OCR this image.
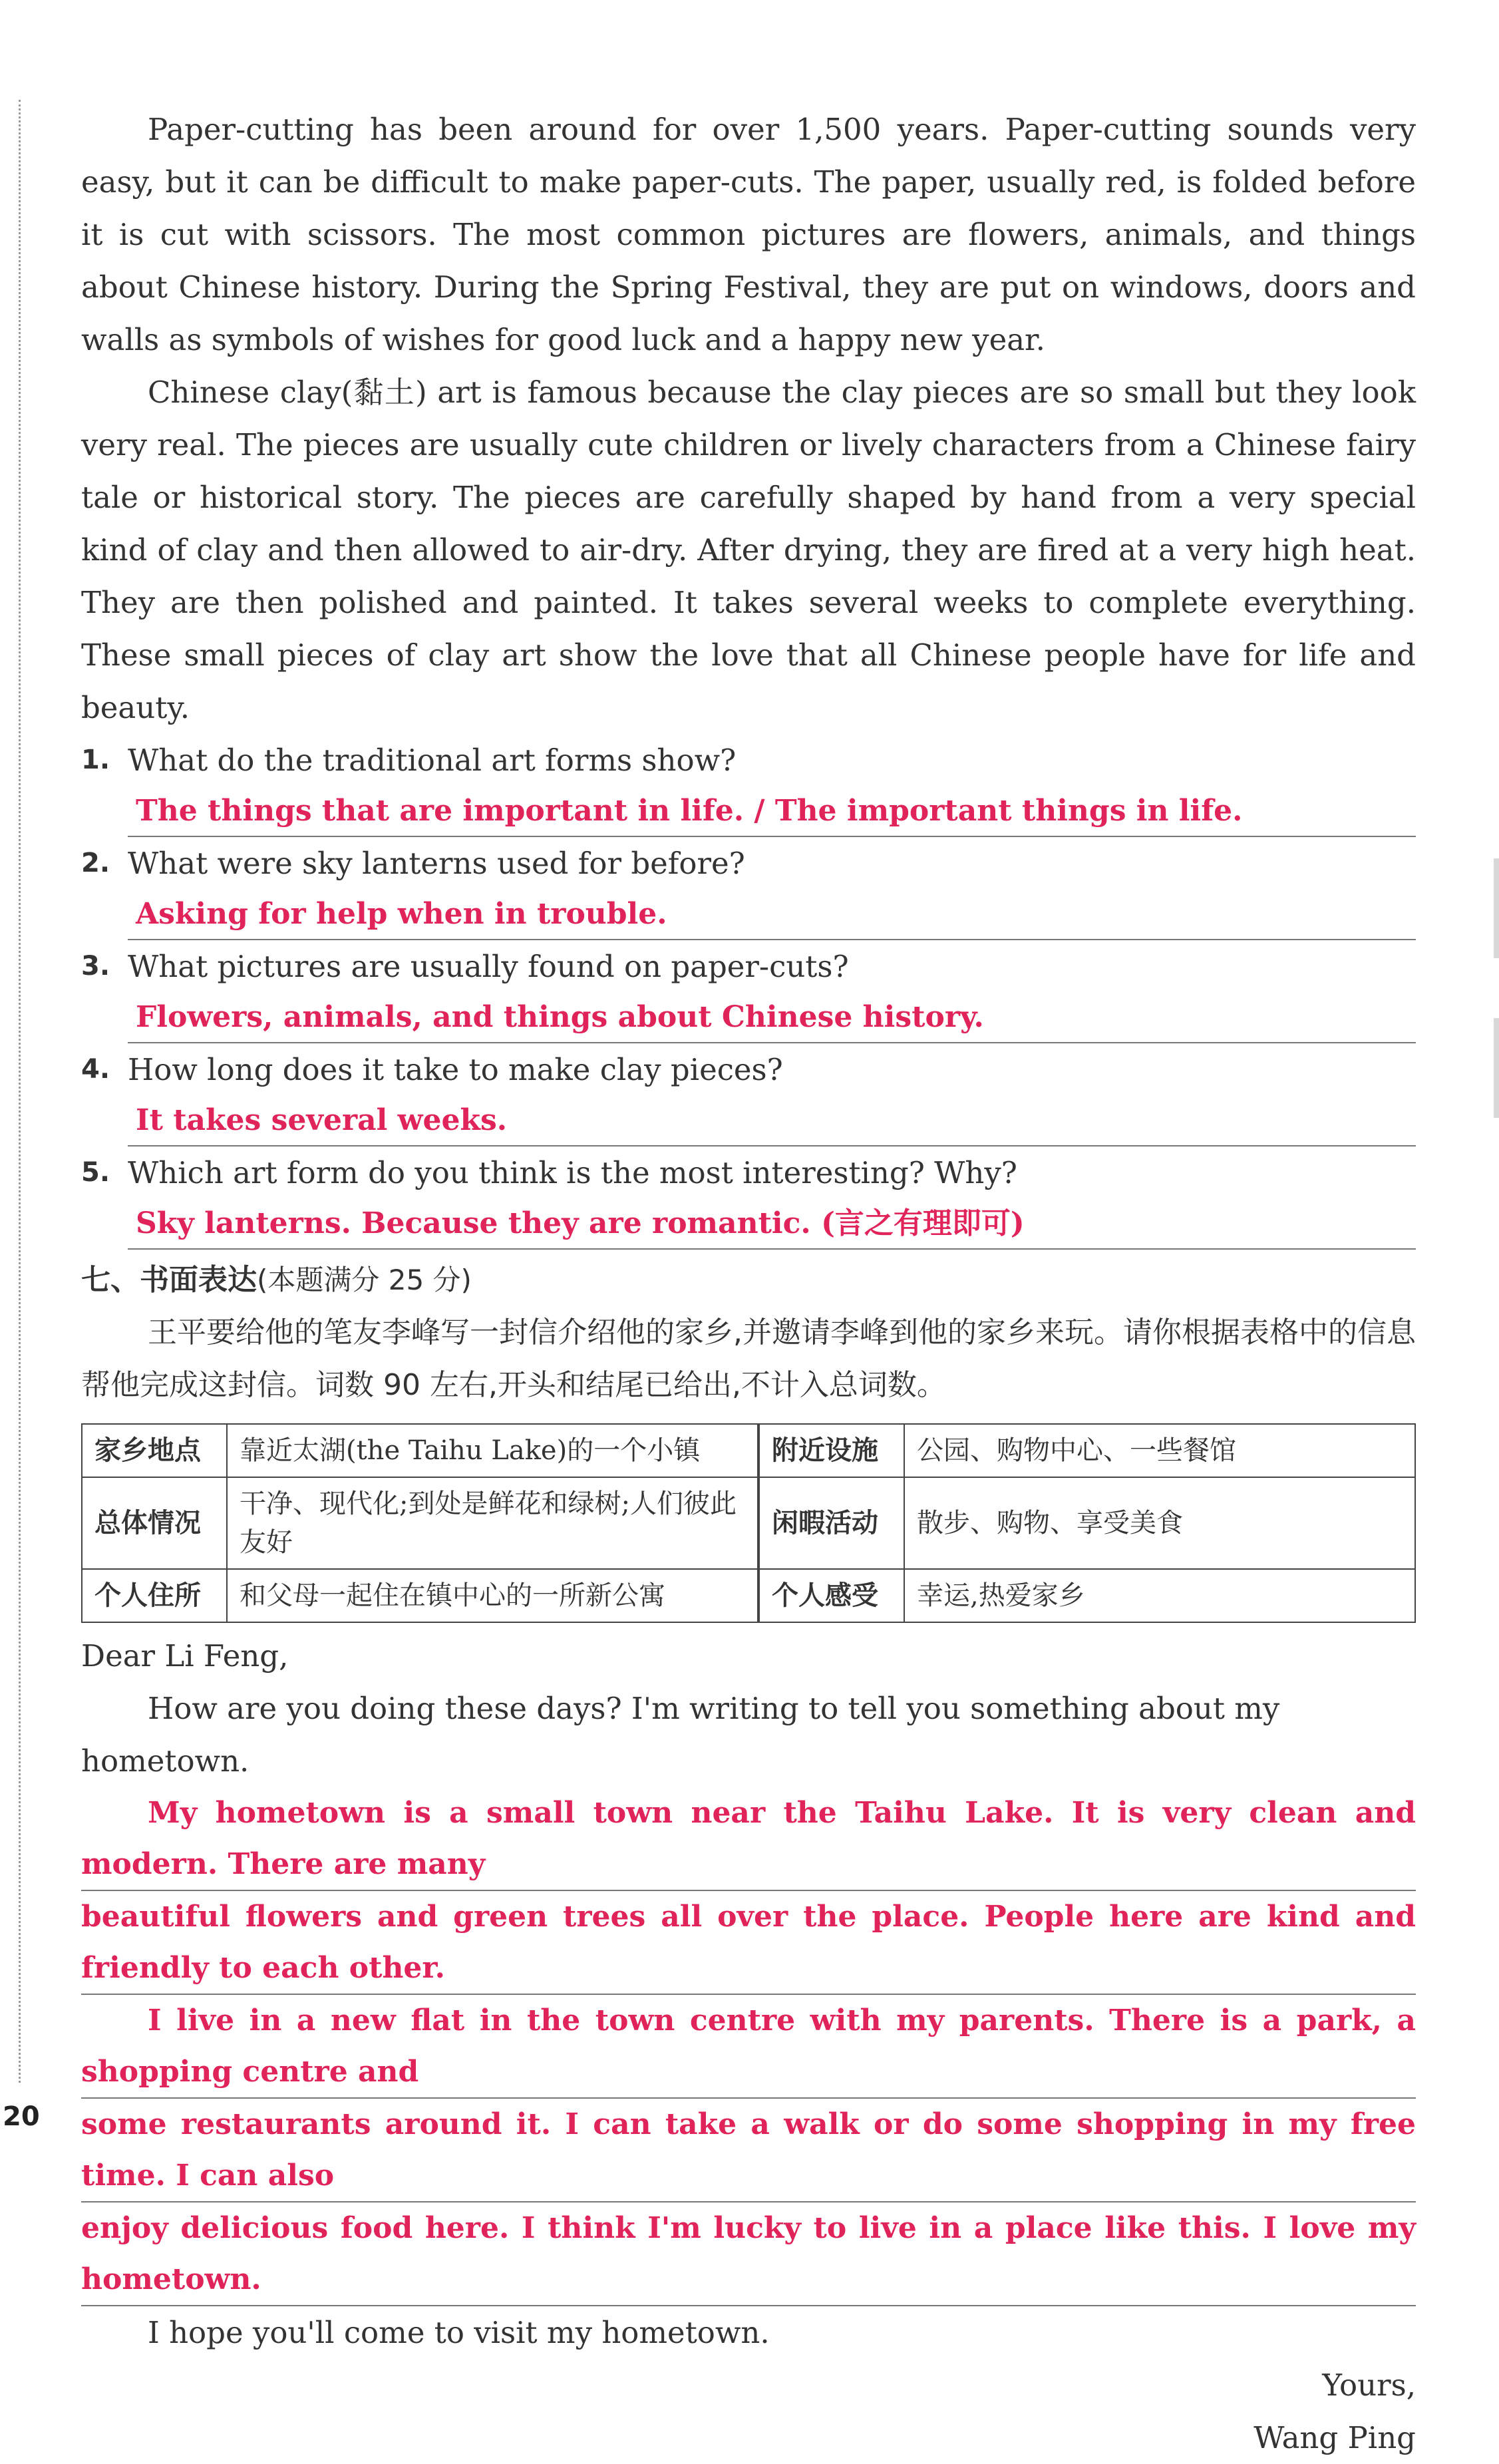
Paper-cutting has been around for over 1,500 years. Paper-cutting sounds very easy, but it can be difficult to make paper-cuts. The paper, usually red, is folded before it is cut with scissors. The most common pictures are flowers, animals, and things about Chinese history. During the Spring Festival, they are put on windows, doors and walls as symbols of wishes for good luck and a happy new year.

Chinese clay(黏土) art is famous because the clay pieces are so small but they look very real. The pieces are usually cute children or lively characters from a Chinese fairy tale or historical story. The pieces are carefully shaped by hand from a very special kind of clay and then allowed to air-dry. After drying, they are fired at a very high heat. They are then polished and painted. It takes several weeks to complete everything. These small pieces of clay art show the love that all Chinese people have for life and beauty.

1. What do the traditional art forms show?

The things that are important in life. / The important things in life.

2. What were sky lanterns used for before?

Asking for help when in trouble.

3. What pictures are usually found on paper-cuts?

Flowers, animals, and things about Chinese history.

4. How long does it take to make clay pieces?

It takes several weeks.

5. Which art form do you think is the most interesting? Why?

Sky lanterns. Because they are romantic. (言之有理即可)

七、书面表达(本题满分 25 分)

王平要给他的笔友李峰写一封信介绍他的家乡,并邀请李峰到他的家乡来玩。请你根据表格中的信息帮他完成这封信。词数 90 左右,开头和结尾已给出,不计入总词数。

家乡地点	靠近太湖(the Taihu Lake)的一个小镇	附近设施	公园、购物中心、一些餐馆
总体情况	干净、现代化;到处是鲜花和绿树;人们彼此友好	闲暇活动	散步、购物、享受美食
个人住所	和父母一起住在镇中心的一所新公寓	个人感受	幸运,热爱家乡

Dear Li Feng,

How are you doing these days? I'm writing to tell you something about my hometown.

My hometown is a small town near the Taihu Lake. It is very clean and modern. There are many

beautiful flowers and green trees all over the place. People here are kind and friendly to each other.

I live in a new flat in the town centre with my parents. There is a park, a shopping centre and

some restaurants around it. I can take a walk or do some shopping in my free time. I can also

enjoy delicious food here. I think I'm lucky to live in a place like this. I love my hometown.

I hope you'll come to visit my hometown.

Yours,

Wang Ping

20
